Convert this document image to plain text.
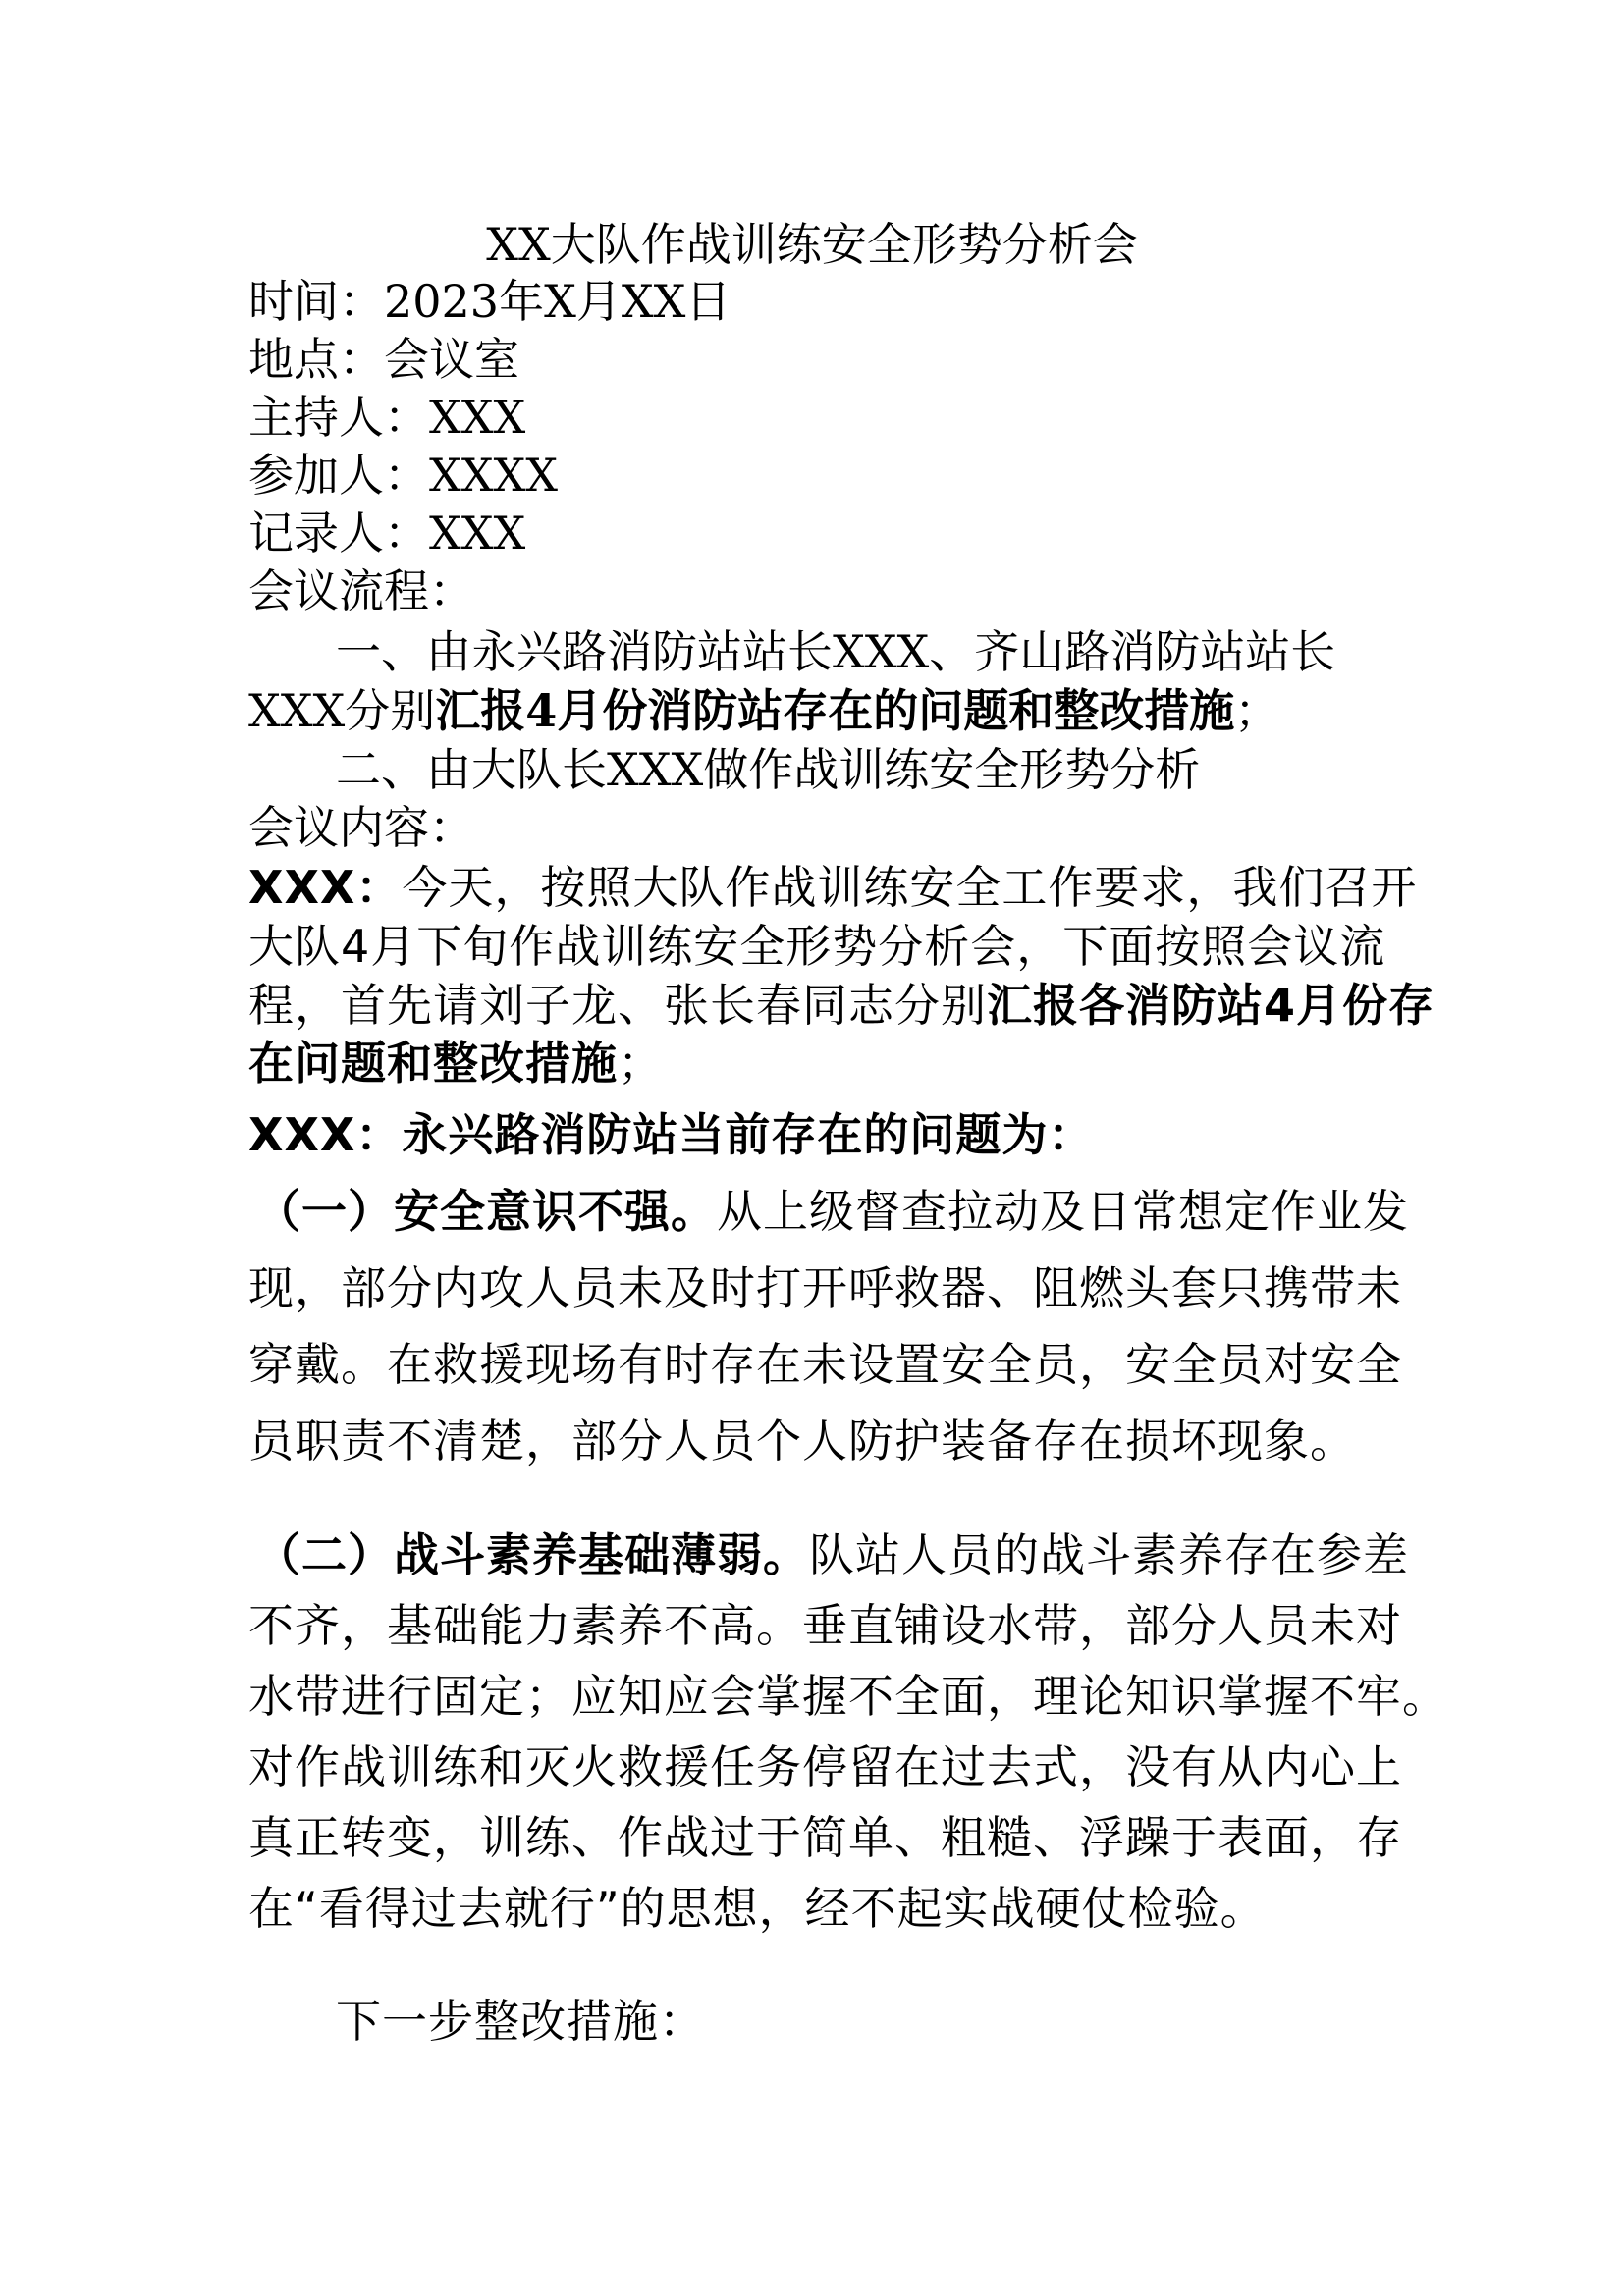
XX大队作战训练安全形势分析会
时间：2023年X月XX日
地点：会议室
主持人：XXX
参加人：XXXX
记录人：XXX
会议流程：
一、由永兴路消防站站长XXX、齐山路消防站站长
XXX分别汇报4月份消防站存在的问题和整改措施；
二、由大队长XXX做作战训练安全形势分析
会议内容：
XXX：今天，按照大队作战训练安全工作要求，我们召开
大队4月下旬作战训练安全形势分析会，下面按照会议流
程，首先请刘子龙、张长春同志分别汇报各消防站4月份存
在问题和整改措施；
XXX：永兴路消防站当前存在的问题为：
（一）安全意识不强。从上级督查拉动及日常想定作业发
现，部分内攻人员未及时打开呼救器、阻燃头套只携带未
穿戴。在救援现场有时存在未设置安全员，安全员对安全
员职责不清楚，部分人员个人防护装备存在损坏现象。
（二）战斗素养基础薄弱。队站人员的战斗素养存在参差
不齐，基础能力素养不高。垂直铺设水带，部分人员未对
水带进行固定；应知应会掌握不全面，理论知识掌握不牢。
对作战训练和灭火救援任务停留在过去式，没有从内心上
真正转变，训练、作战过于简单、粗糙、浮躁于表面，存
在“看得过去就行”的思想，经不起实战硬仗检验。
下一步整改措施：
